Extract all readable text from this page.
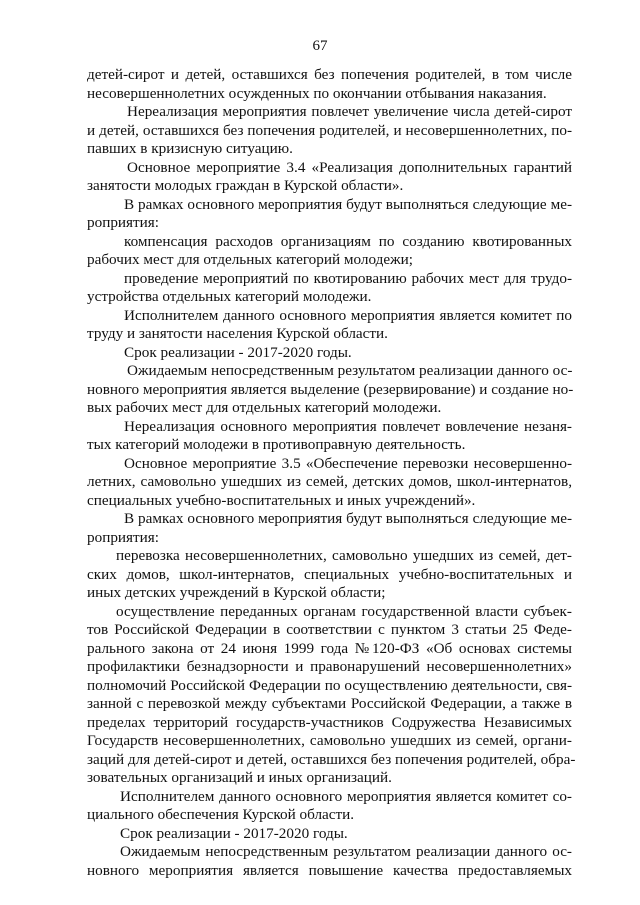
67
детей-сирот и детей, оставшихся без попечения родителей, в том числе
несовершеннолетних осужденных по окончании отбывания наказания.
Нереализация мероприятия повлечет увеличение числа детей-сирот
и детей, оставшихся без попечения родителей, и несовершеннолетних, по-
павших в кризисную ситуацию.
Основное мероприятие 3.4 «Реализация дополнительных гарантий
занятости молодых граждан в Курской области».
В рамках основного мероприятия будут выполняться следующие ме-
роприятия:
компенсация расходов организациям по созданию квотированных
рабочих мест для отдельных категорий молодежи;
проведение мероприятий по квотированию рабочих мест для трудо-
устройства отдельных категорий молодежи.
Исполнителем данного основного мероприятия является комитет по
труду и занятости населения Курской области.
Срок реализации - 2017-2020 годы.
Ожидаемым непосредственным результатом реализации данного ос-
новного мероприятия является выделение (резервирование) и создание но-
вых рабочих мест для отдельных категорий молодежи.
Нереализация основного мероприятия повлечет вовлечение незаня-
тых категорий молодежи в противоправную деятельность.
Основное мероприятие 3.5 «Обеспечение перевозки несовершенно-
летних, самовольно ушедших из семей, детских домов, школ-интернатов,
специальных учебно-воспитательных и иных учреждений».
В рамках основного мероприятия будут выполняться следующие ме-
роприятия:
перевозка несовершеннолетних, самовольно ушедших из семей, дет-
ских домов, школ-интернатов, специальных учебно-воспитательных и
иных детских учреждений в Курской области;
осуществление переданных органам государственной власти субъек-
тов Российской Федерации в соответствии с пунктом 3 статьи 25 Феде-
рального закона от 24 июня 1999 года №120-ФЗ «Об основах системы
профилактики безнадзорности и правонарушений несовершеннолетних»
полномочий Российской Федерации по осуществлению деятельности, свя-
занной с перевозкой между субъектами Российской Федерации, а также в
пределах территорий государств-участников Содружества Независимых
Государств несовершеннолетних, самовольно ушедших из семей, органи-
заций для детей-сирот и детей, оставшихся без попечения родителей, обра-
зовательных организаций и иных организаций.
Исполнителем данного основного мероприятия является комитет со-
циального обеспечения Курской области.
Срок реализации - 2017-2020 годы.
Ожидаемым непосредственным результатом реализации данного ос-
новного мероприятия является повышение качества предоставляемых
